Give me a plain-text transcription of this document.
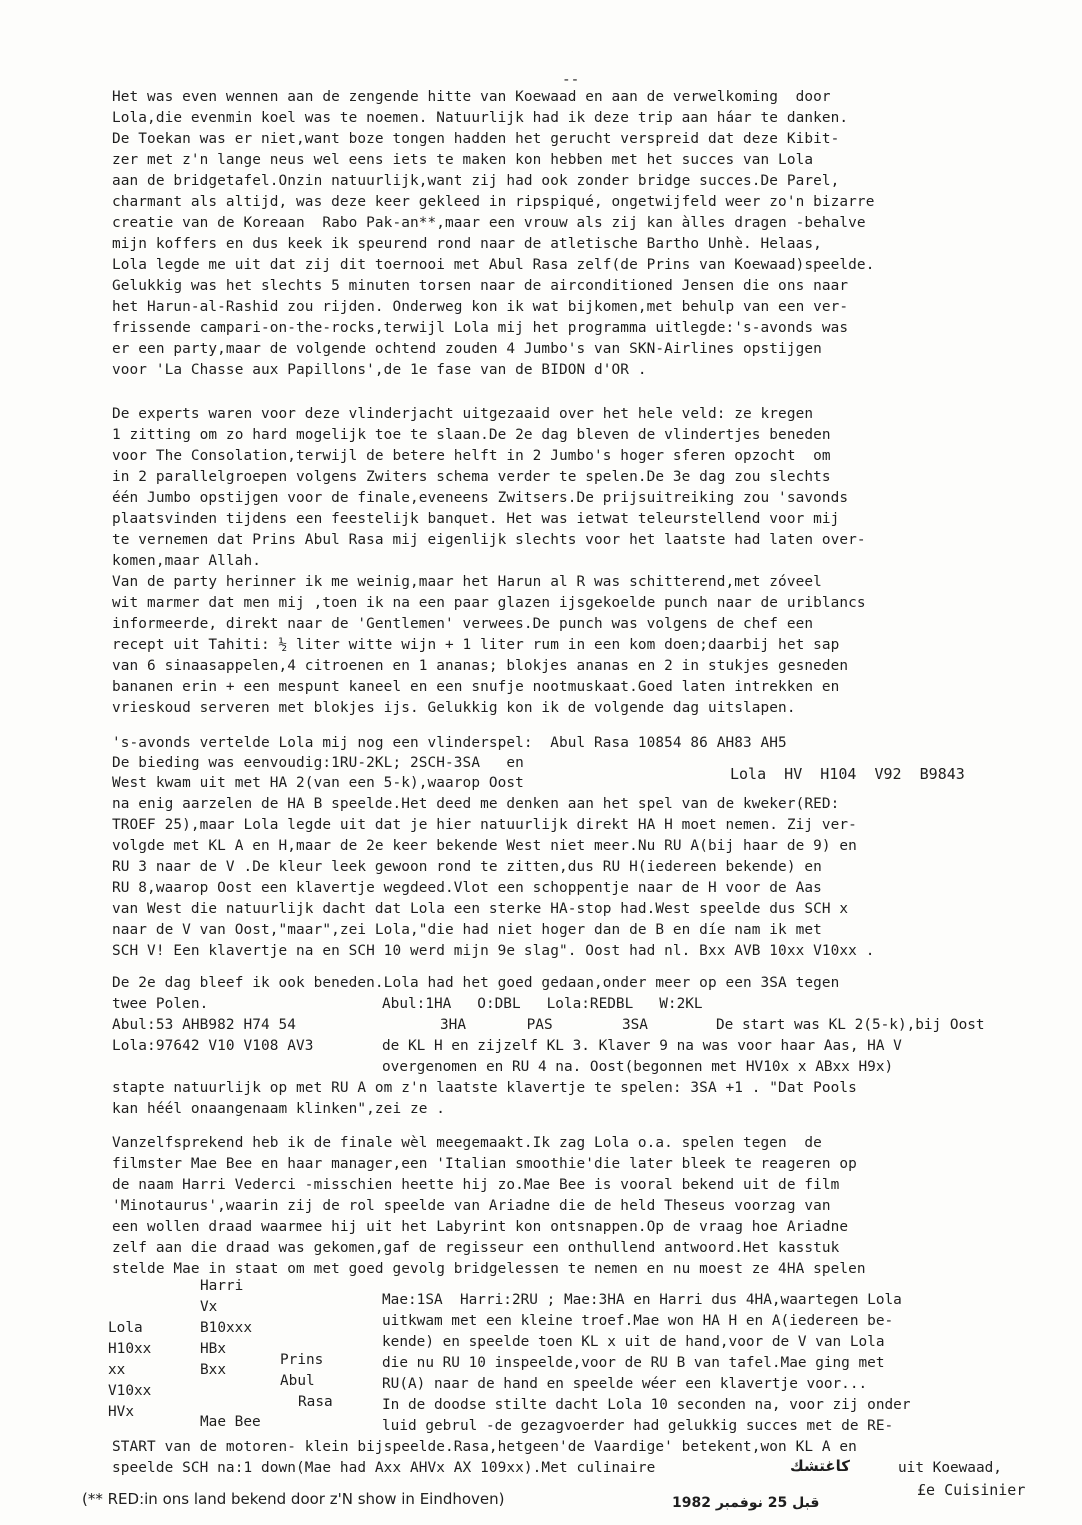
--
Het was even wennen aan de zengende hitte van Koewaad en aan de verwelkoming  door
Lola,die evenmin koel was te noemen. Natuurlijk had ik deze trip aan háar te danken.
De Toekan was er niet,want boze tongen hadden het gerucht verspreid dat deze Kibit-
zer met z'n lange neus wel eens iets te maken kon hebben met het succes van Lola
aan de bridgetafel.Onzin natuurlijk,want zij had ook zonder bridge succes.De Parel,
charmant als altijd, was deze keer gekleed in ripspiqué, ongetwijfeld weer zo'n bizarre
creatie van de Koreaan  Rabo Pak-an**,maar een vrouw als zij kan àlles dragen -behalve
mijn koffers en dus keek ik speurend rond naar de atletische Bartho Unhè. Helaas,
Lola legde me uit dat zij dit toernooi met Abul Rasa zelf(de Prins van Koewaad)speelde.
Gelukkig was het slechts 5 minuten torsen naar de airconditioned Jensen die ons naar
het Harun-al-Rashid zou rijden. Onderweg kon ik wat bijkomen,met behulp van een ver-
frissende campari-on-the-rocks,terwijl Lola mij het programma uitlegde:'s-avonds was
er een party,maar de volgende ochtend zouden 4 Jumbo's van SKN-Airlines opstijgen
voor 'La Chasse aux Papillons',de 1e fase van de BIDON d'OR .
De experts waren voor deze vlinderjacht uitgezaaid over het hele veld: ze kregen
1 zitting om zo hard mogelijk toe te slaan.De 2e dag bleven de vlindertjes beneden
voor The Consolation,terwijl de betere helft in 2 Jumbo's hoger sferen opzocht  om
in 2 parallelgroepen volgens Zwiters schema verder te spelen.De 3e dag zou slechts
één Jumbo opstijgen voor de finale,eveneens Zwitsers.De prijsuitreiking zou 'savonds
plaatsvinden tijdens een feestelijk banquet. Het was ietwat teleurstellend voor mij
te vernemen dat Prins Abul Rasa mij eigenlijk slechts voor het laatste had laten over-
komen,maar Allah.
Van de party herinner ik me weinig,maar het Harun al R was schitterend,met zóveel
wit marmer dat men mij ,toen ik na een paar glazen ijsgekoelde punch naar de uriblancs
informeerde, direkt naar de 'Gentlemen' verwees.De punch was volgens de chef een
recept uit Tahiti: ½ liter witte wijn + 1 liter rum in een kom doen;daarbij het sap
van 6 sinaasappelen,4 citroenen en 1 ananas; blokjes ananas en 2 in stukjes gesneden
bananen erin + een mespunt kaneel en een snufje nootmuskaat.Goed laten intrekken en
vrieskoud serveren met blokjes ijs. Gelukkig kon ik de volgende dag uitslapen.
's-avonds vertelde Lola mij nog een vlinderspel:  Abul Rasa 10854 86 AH83 AH5
De bieding was eenvoudig:1RU-2KL; 2SCH-3SA   en
West kwam uit met HA 2(van een 5-k),waarop Oost	Lola  HV  H104  V92  B9843
na enig aarzelen de HA B speelde.Het deed me denken aan het spel van de kweker(RED:
TROEF 25),maar Lola legde uit dat je hier natuurlijk direkt HA H moet nemen. Zij ver-
volgde met KL A en H,maar de 2e keer bekende West niet meer.Nu RU A(bij haar de 9) en
RU 3 naar de V .De kleur leek gewoon rond te zitten,dus RU H(iedereen bekende) en
RU 8,waarop Oost een klavertje wegdeed.Vlot een schoppentje naar de H voor de Aas
van West die natuurlijk dacht dat Lola een sterke HA-stop had.West speelde dus SCH x
naar de V van Oost,"maar",zei Lola,"die had niet hoger dan de B en díe nam ik met
SCH V! Een klavertje na en SCH 10 werd mijn 9e slag". Oost had nl. Bxx AVB 10xx V10xx .
De 2e dag bleef ik ook beneden.Lola had het goed gedaan,onder meer op een 3SA tegen
twee Polen.	Abul:1HA   O:DBL   Lola:REDBL   W:2KL
Abul:53 AHB982 H74 54	3HA       PAS        3SA	De start was KL 2(5-k),bij Oost
Lola:97642 V10 V108 AV3	de KL H en zijzelf KL 3. Klaver 9 na was voor haar Aas, HA V
overgenomen en RU 4 na. Oost(begonnen met HV10x x ABxx H9x)
stapte natuurlijk op met RU A om z'n laatste klavertje te spelen: 3SA +1 . "Dat Pools
kan héél onaangenaam klinken",zei ze .
Vanzelfsprekend heb ik de finale wèl meegemaakt.Ik zag Lola o.a. spelen tegen  de
filmster Mae Bee en haar manager,een 'Italian smoothie'die later bleek te reageren op
de naam Harri Vederci -misschien heette hij zo.Mae Bee is vooral bekend uit de film
'Minotaurus',waarin zij de rol speelde van Ariadne die de held Theseus voorzag van
een wollen draad waarmee hij uit het Labyrint kon ontsnappen.Op de vraag hoe Ariadne
zelf aan die draad was gekomen,gaf de regisseur een onthullend antwoord.Het kasstuk
stelde Mae in staat om met goed gevolg bridgelessen te nemen en nu moest ze 4HA spelen
Harri
Vx
B10xxx
HBx
Bxx
Lola
H10xx
xx
V10xx
HVx
Prins
Abul
Rasa
Mae Bee
Mae:1SA  Harri:2RU ; Mae:3HA en Harri dus 4HA,waartegen Lola
uitkwam met een kleine troef.Mae won HA H en A(iedereen be-
kende) en speelde toen KL x uit de hand,voor de V van Lola
die nu RU 10 inspeelde,voor de RU B van tafel.Mae ging met
RU(A) naar de hand en speelde wéer een klavertje voor...
In de doodse stilte dacht Lola 10 seconden na, voor zij onder
luid gebrul -de gezagvoerder had gelukkig succes met de RE-
START van de motoren- klein bijspeelde.Rasa,hetgeen'de Vaardige' betekent,won KL A en
speelde SCH na:1 down(Mae had Axx AHVx AX 109xx).Met culinaire	كاغتشك	uit Koewaad,
£e Cuisinier
(** RED:in ons land bekend door z'N show in Eindhoven)	قبل 25 نوفمبر 1982
